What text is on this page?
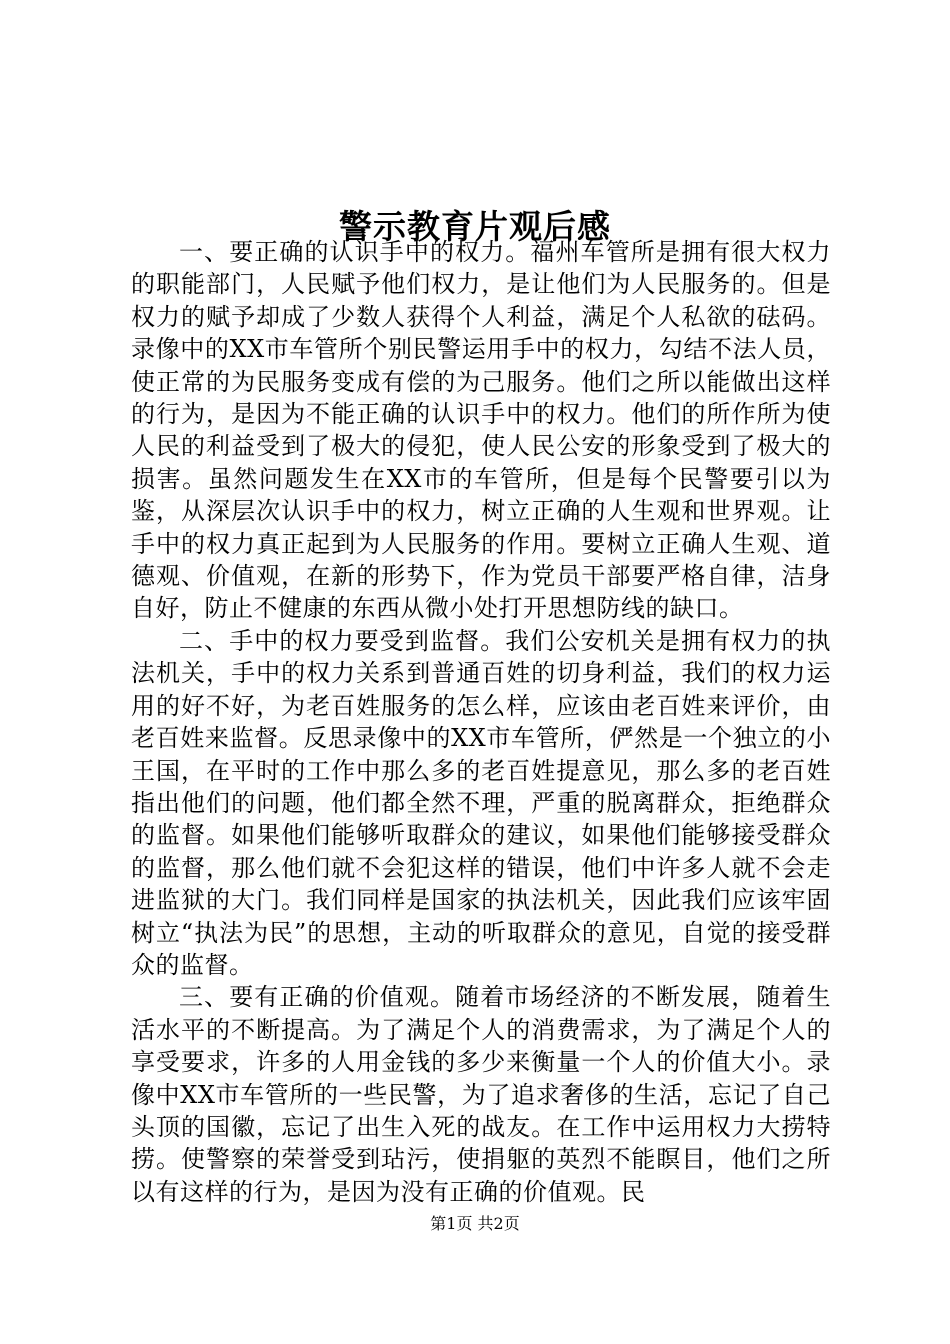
警示教育片观后感

一、要正确的认识手中的权力。福州车管所是拥有很大权力的职能部门，人民赋予他们权力，是让他们为人民服务的。但是权力的赋予却成了少数人获得个人利益，满足个人私欲的砝码。录像中的XX市车管所个别民警运用手中的权力，勾结不法人员，使正常的为民服务变成有偿的为己服务。他们之所以能做出这样的行为，是因为不能正确的认识手中的权力。他们的所作所为使人民的利益受到了极大的侵犯，使人民公安的形象受到了极大的损害。虽然问题发生在XX市的车管所，但是每个民警要引以为鉴，从深层次认识手中的权力，树立正确的人生观和世界观。让手中的权力真正起到为人民服务的作用。要树立正确人生观、道德观、价值观，在新的形势下，作为党员干部要严格自律，洁身自好，防止不健康的东西从微小处打开思想防线的缺口。

二、手中的权力要受到监督。我们公安机关是拥有权力的执法机关，手中的权力关系到普通百姓的切身利益，我们的权力运用的好不好，为老百姓服务的怎么样，应该由老百姓来评价，由老百姓来监督。反思录像中的XX市车管所，俨然是一个独立的小王国，在平时的工作中那么多的老百姓提意见，那么多的老百姓指出他们的问题，他们都全然不理，严重的脱离群众，拒绝群众的监督。如果他们能够听取群众的建议，如果他们能够接受群众的监督，那么他们就不会犯这样的错误，他们中许多人就不会走进监狱的大门。我们同样是国家的执法机关，因此我们应该牢固树立“执法为民”的思想，主动的听取群众的意见，自觉的接受群众的监督。

三、要有正确的价值观。随着市场经济的不断发展，随着生活水平的不断提高。为了满足个人的消费需求，为了满足个人的享受要求，许多的人用金钱的多少来衡量一个人的价值大小。录像中XX市车管所的一些民警，为了追求奢侈的生活，忘记了自己头顶的国徽，忘记了出生入死的战友。在工作中运用权力大捞特捞。使警察的荣誉受到玷污，使捐躯的英烈不能瞑目，他们之所以有这样的行为，是因为没有正确的价值观。民

第1页 共2页
